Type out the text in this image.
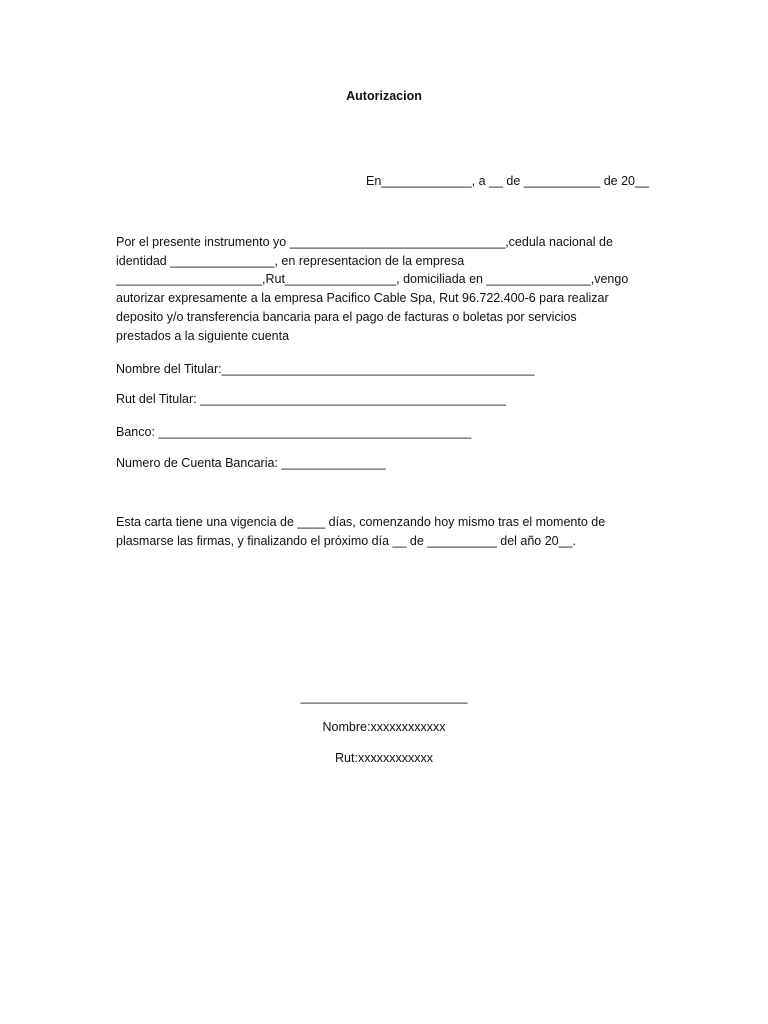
Autorizacion
En_____________, a __ de ___________ de 20__
Por el presente instrumento yo _______________________________,cedula nacional de
identidad _______________, en representacion de la empresa
_____________________,Rut________________, domiciliada en _______________,vengo
autorizar expresamente a la empresa Pacifico Cable Spa, Rut 96.722.400-6 para realizar
deposito y/o transferencia bancaria para el pago de facturas o boletas por servicios
prestados a la siguiente cuenta
Nombre del Titular:_____________________________________________
Rut del Titular: ____________________________________________
Banco: _____________________________________________
Numero de Cuenta Bancaria: _______________
Esta carta tiene una vigencia de ____ días, comenzando hoy mismo tras el momento de
plasmarse las firmas, y finalizando el próximo día __ de __________ del año 20__.
________________________
Nombre:xxxxxxxxxxxx
Rut:xxxxxxxxxxxx
